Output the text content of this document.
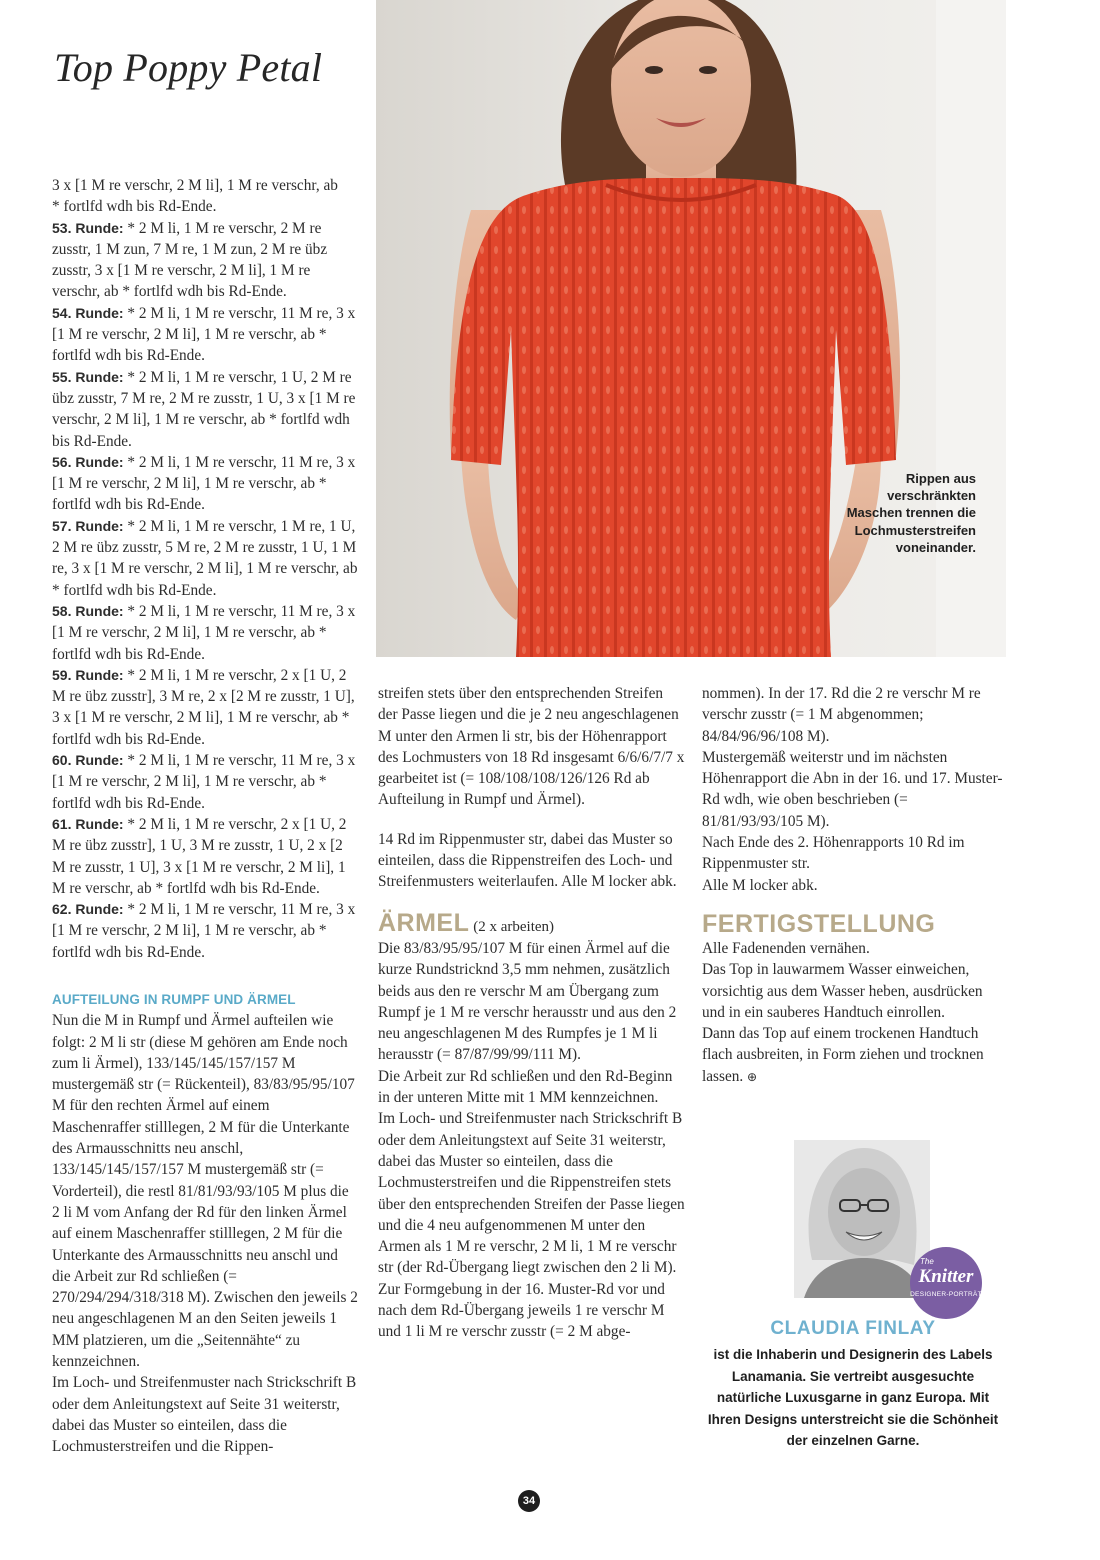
Top Poppy Petal

3 x [1 M re verschr, 2 M li], 1 M re verschr, ab

* fortlfd wdh bis Rd-Ende.

53. Runde: * 2 M li, 1 M re verschr, 2 M re zusstr, 1 M zun, 7 M re, 1 M zun, 2 M re übz zusstr, 3 x [1 M re verschr, 2 M li], 1 M re verschr, ab * fortlfd wdh bis Rd-Ende.

54. Runde: * 2 M li, 1 M re verschr, 11 M re, 3 x [1 M re verschr, 2 M li], 1 M re verschr, ab * fortlfd wdh bis Rd-Ende.

55. Runde: * 2 M li, 1 M re verschr, 1 U, 2 M re übz zusstr, 7 M re, 2 M re zusstr, 1 U, 3 x [1 M re verschr, 2 M li], 1 M re verschr, ab * fortlfd wdh bis Rd-Ende.

56. Runde: * 2 M li, 1 M re verschr, 11 M re, 3 x [1 M re verschr, 2 M li], 1 M re verschr, ab * fortlfd wdh bis Rd-Ende.

57. Runde: * 2 M li, 1 M re verschr, 1 M re, 1 U, 2 M re übz zusstr, 5 M re, 2 M re zusstr, 1 U, 1 M re, 3 x [1 M re verschr, 2 M li], 1 M re verschr, ab * fortlfd wdh bis Rd-Ende.

58. Runde: * 2 M li, 1 M re verschr, 11 M re, 3 x [1 M re verschr, 2 M li], 1 M re verschr, ab * fortlfd wdh bis Rd-Ende.

59. Runde: * 2 M li, 1 M re verschr, 2 x [1 U, 2 M re übz zusstr], 3 M re, 2 x [2 M re zusstr, 1 U], 3 x [1 M re verschr, 2 M li], 1 M re verschr, ab * fortlfd wdh bis Rd-Ende.

60. Runde: * 2 M li, 1 M re verschr, 11 M re, 3 x [1 M re verschr, 2 M li], 1 M re verschr, ab * fortlfd wdh bis Rd-Ende.

61. Runde: * 2 M li, 1 M re verschr, 2 x [1 U, 2 M re übz zusstr], 1 U, 3 M re zusstr, 1 U, 2 x [2 M re zusstr, 1 U], 3 x [1 M re verschr, 2 M li], 1 M re verschr, ab * fortlfd wdh bis Rd-Ende.

62. Runde: * 2 M li, 1 M re verschr, 11 M re, 3 x [1 M re verschr, 2 M li], 1 M re verschr, ab * fortlfd wdh bis Rd-Ende.

AUFTEILUNG IN RUMPF UND ÄRMEL

Nun die M in Rumpf und Ärmel aufteilen wie folgt: 2 M li str (diese M gehören am Ende noch zum li Ärmel), 133/145/145/157/157 M mustergemäß str (= Rückenteil), 83/83/95/95/107 M für den rechten Ärmel auf einem Maschenraffer stilllegen, 2 M für die Unterkante des Armausschnitts neu anschl, 133/145/145/157/157 M mustergemäß str (= Vorderteil), die restl 81/81/93/93/105 M plus die 2 li M vom Anfang der Rd für den linken Ärmel auf einem Maschenraffer stilllegen, 2 M für die Unterkante des Armausschnitts neu anschl und die Arbeit zur Rd schließen (= 270/294/294/318/318 M). Zwischen den jeweils 2 neu angeschlagenen M an den Seiten jeweils 1 MM platzieren, um die „Seitennähte“ zu kennzeichnen.

Im Loch- und Streifenmuster nach Strickschrift B oder dem Anleitungstext auf Seite 31 weiterstr, dabei das Muster so einteilen, dass die Lochmusterstreifen und die Rippen-

Rippen aus verschränkten Maschen trennen die Lochmusterstreifen voneinander.

streifen stets über den entsprechenden Streifen der Passe liegen und die je 2 neu angeschlagenen M unter den Armen li str, bis der Höhenrapport des Lochmusters von 18 Rd insgesamt 6/6/6/7/7 x gearbeitet ist (= 108/108/108/126/126 Rd ab Aufteilung in Rumpf und Ärmel).

14 Rd im Rippenmuster str, dabei das Muster so einteilen, dass die Rippenstreifen des Loch- und Streifenmusters weiterlaufen. Alle M locker abk.

ÄRMEL (2 x arbeiten)

Die 83/83/95/95/107 M für einen Ärmel auf die kurze Rundstricknd 3,5 mm nehmen, zusätzlich beids aus den re verschr M am Übergang zum Rumpf je 1 M re verschr herausstr und aus den 2 neu angeschlagenen M des Rumpfes je 1 M li herausstr (= 87/87/99/99/111 M).

Die Arbeit zur Rd schließen und den Rd-Beginn in der unteren Mitte mit 1 MM kennzeichnen.

Im Loch- und Streifenmuster nach Strickschrift B oder dem Anleitungstext auf Seite 31 weiterstr, dabei das Muster so einteilen, dass die Lochmusterstreifen und die Rippenstreifen stets über den entsprechenden Streifen der Passe liegen und die 4 neu aufgenommenen M unter den Armen als 1 M re verschr, 2 M li, 1 M re verschr str (der Rd-Übergang liegt zwischen den 2 li M). Zur Formgebung in der 16. Muster-Rd vor und nach dem Rd-Übergang jeweils 1 re verschr M und 1 li M re verschr zusstr (= 2 M abge-

nommen). In der 17. Rd die 2 re verschr M re verschr zusstr (= 1 M abgenommen; 84/84/96/96/108 M).

Mustergemäß weiterstr und im nächsten Höhenrapport die Abn in der 16. und 17. Muster-Rd wdh, wie oben beschrieben (= 81/81/93/93/105 M).

Nach Ende des 2. Höhenrapports 10 Rd im Rippenmuster str.

Alle M locker abk.

FERTIGSTELLUNG

Alle Fadenenden vernähen.

Das Top in lauwarmem Wasser einweichen, vorsichtig aus dem Wasser heben, ausdrücken und in ein sauberes Handtuch einrollen.

Dann das Top auf einem trockenen Handtuch flach ausbreiten, in Form ziehen und trocknen lassen. ⊕

The
Knitter
DESIGNER-PORTRÄT
CLAUDIA FINLAY
ist die Inhaberin und Designerin des Labels Lanamania. Sie vertreibt ausgesuchte natürliche Luxusgarne in ganz Europa. Mit Ihren Designs unterstreicht sie die Schönheit der einzelnen Garne.
34
